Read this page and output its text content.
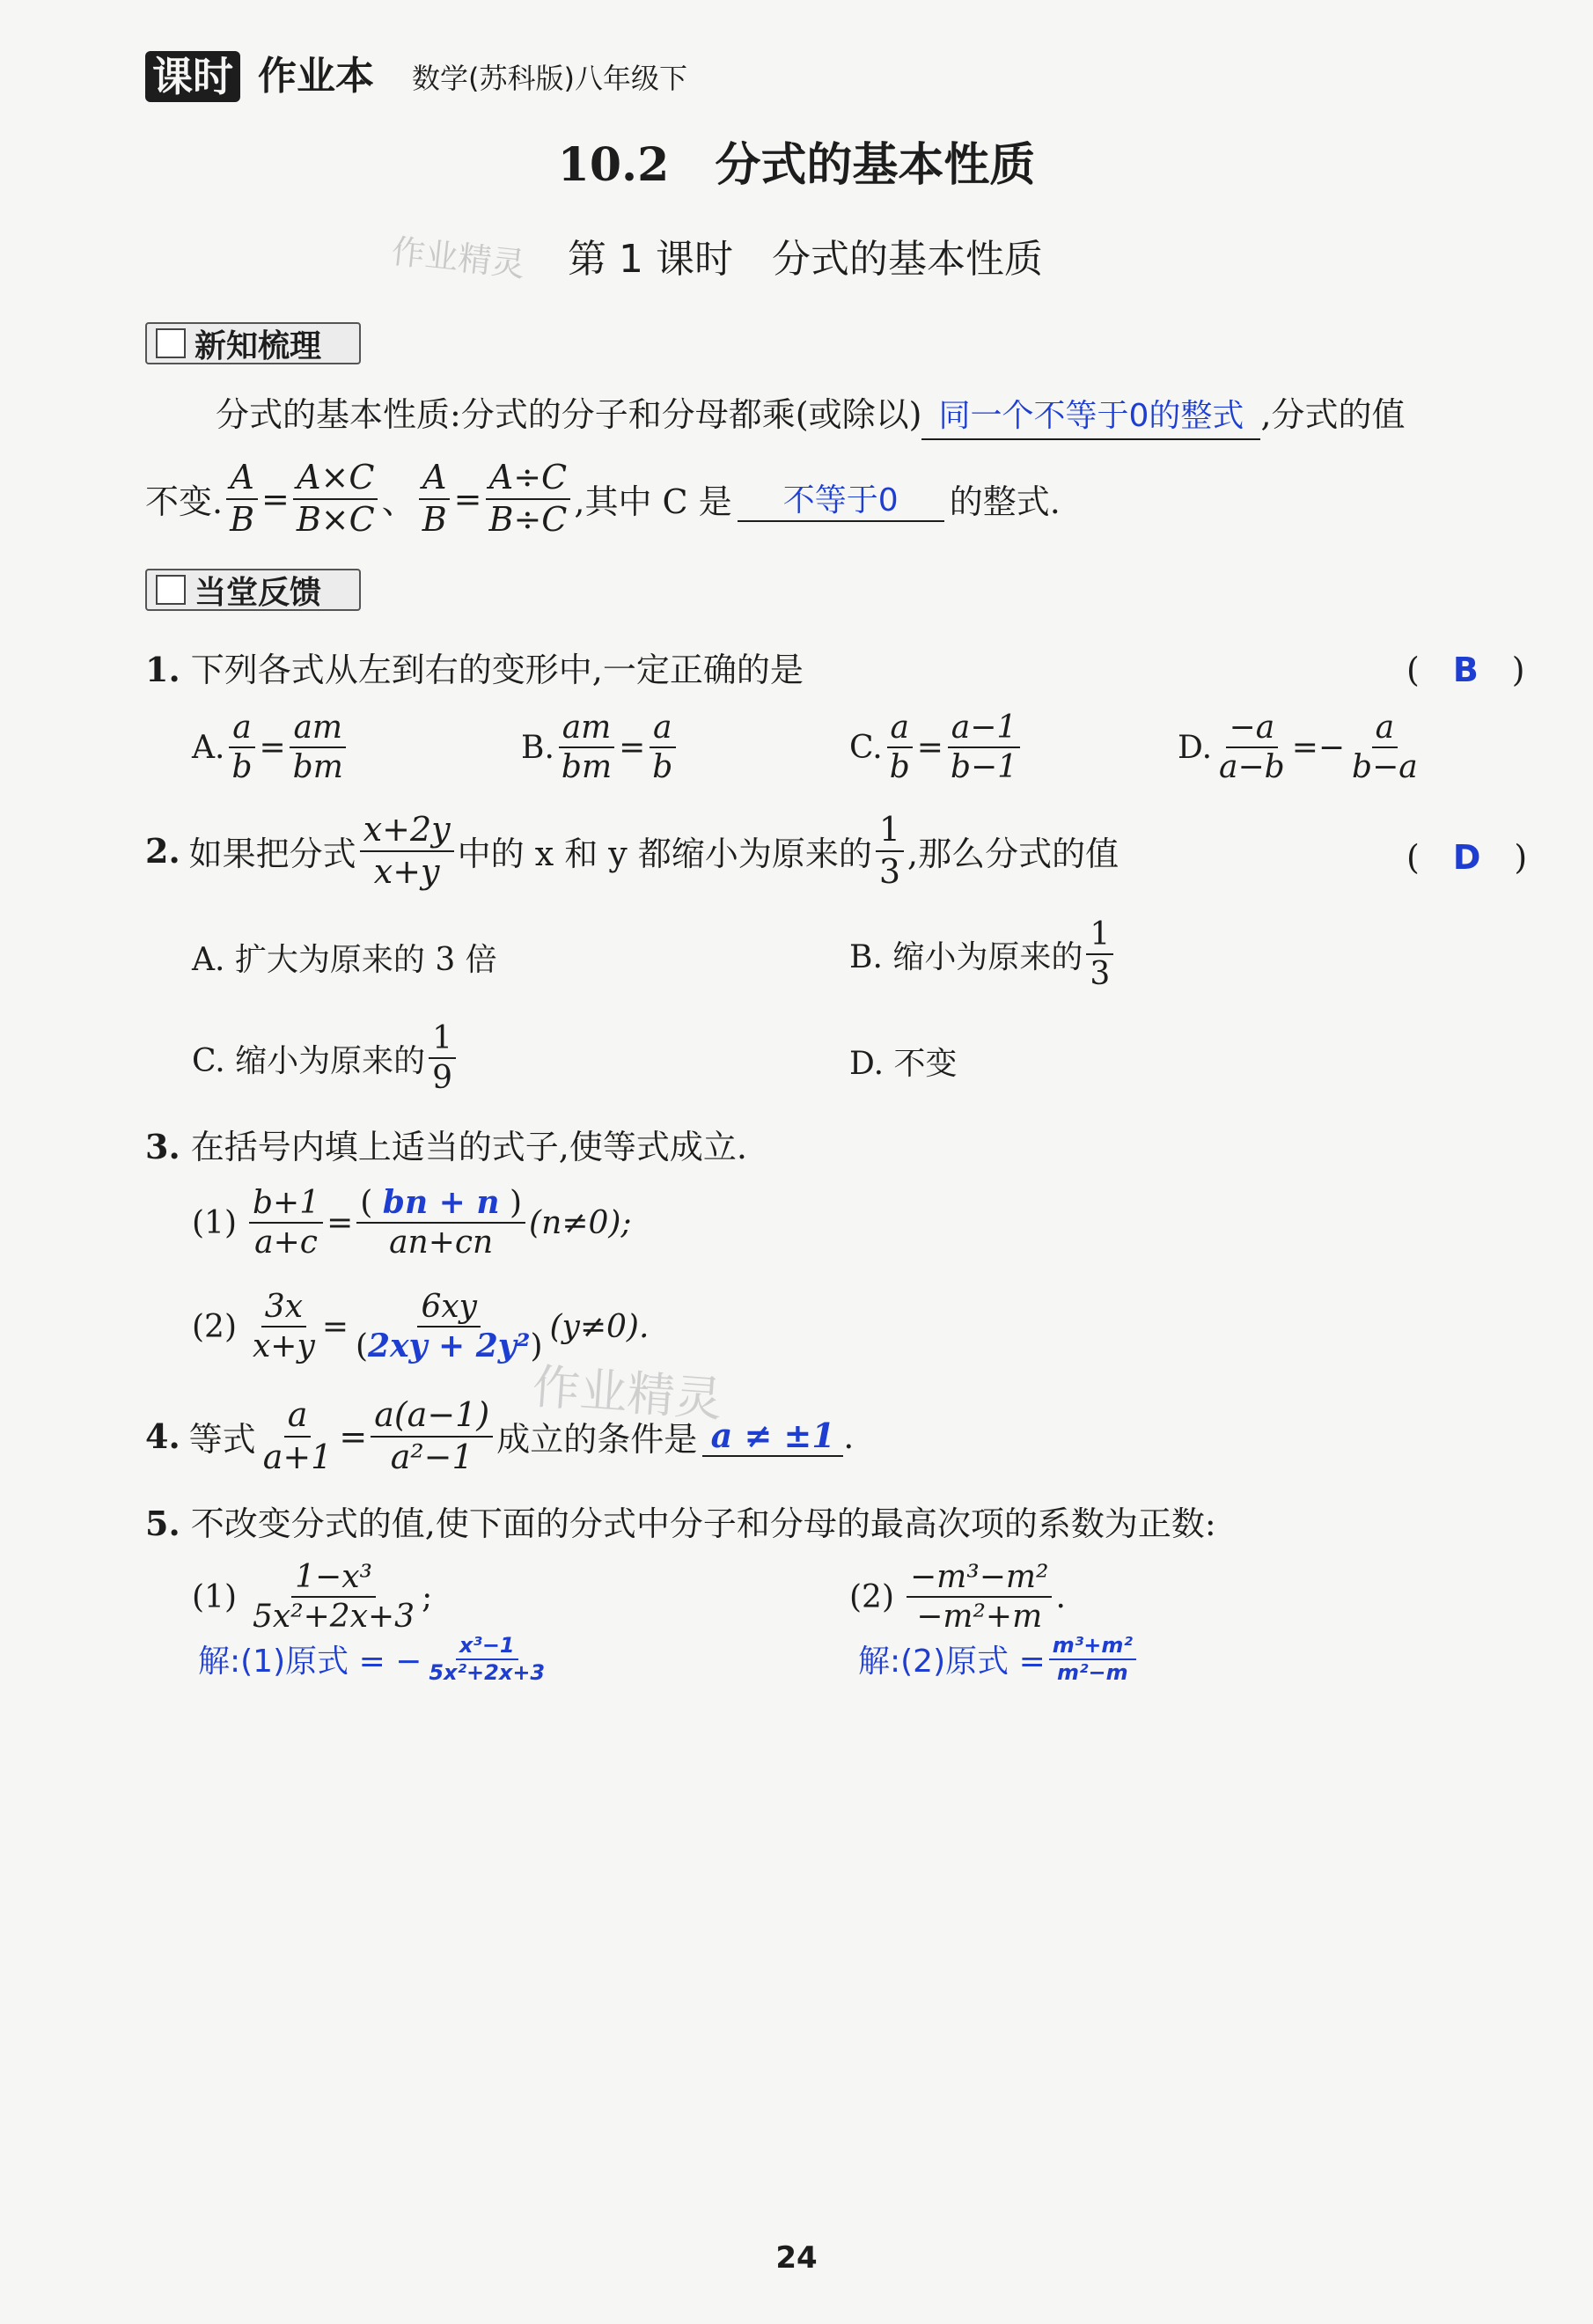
课时 作业本 数学(苏科版)八年级下
10.2　分式的基本性质
作业精灵 第 1 课时　分式的基本性质
新知梳理
分式的基本性质:分式的分子和分母都乘(或除以) 同一个不等于0的整式 ,分式的值
不变. $\frac{A}{B} = \frac{A\times C}{B\times C}$ 、 $\frac{A}{B} = \frac{A\div C}{B\div C}$ ,其中 C 是	不等于0	的整式.
当堂反馈
1. 下列各式从左到右的变形中,一定正确的是	(　B　)
A. $\frac{a}{b} = \frac{am}{bm}$	B. $\frac{am}{bm} = \frac{a}{b}$	C. $\frac{a}{b} = \frac{a-1}{b-1}$	D. $\frac{-a}{a-b}$ = − $\frac{a}{b-a}$
2. 如果把分式 $\frac{x+2y}{x+y}$ 中的 x 和 y 都缩小为原来的 $\frac{1}{3}$ ,那么分式的值	(　D　)
A. 扩大为原来的 3 倍	B. 缩小为原来的 $\frac{1}{3}$
C. 缩小为原来的 $\frac{1}{9}$	D. 不变
3. 在括号内填上适当的式子,使等式成立.
$(1) \frac{b+1}{a+c} = \frac{( bn + n )}{an+cn} (n\ne 0)$;
$(2) \frac{3x}{x+y} = \frac{6xy}{\text{(2xy + 2y²)}} (y\ne 0)$.
作业精灵
4. 等式 $\frac{a}{a+1} = \frac{a(a-1)}{\text{a²−1}}$ 成立的条件是 a ≠ ±1 .
5. 不改变分式的值,使下面的分式中分子和分母的最高次项的系数为正数:
$(1) \frac{\text{1−x³}}{\text{5x²+2x+3}}$ ;	$(2) \frac{\text{−m³−m²}}{\text{−m²+m}}$ .
解:(1)原式 = − $\frac{\text{x³−1}}{\text{5x²+2x+3}}$	解:(2)原式 = $\frac{\text{m³+m²}}{\text{m²−m}}$
24
